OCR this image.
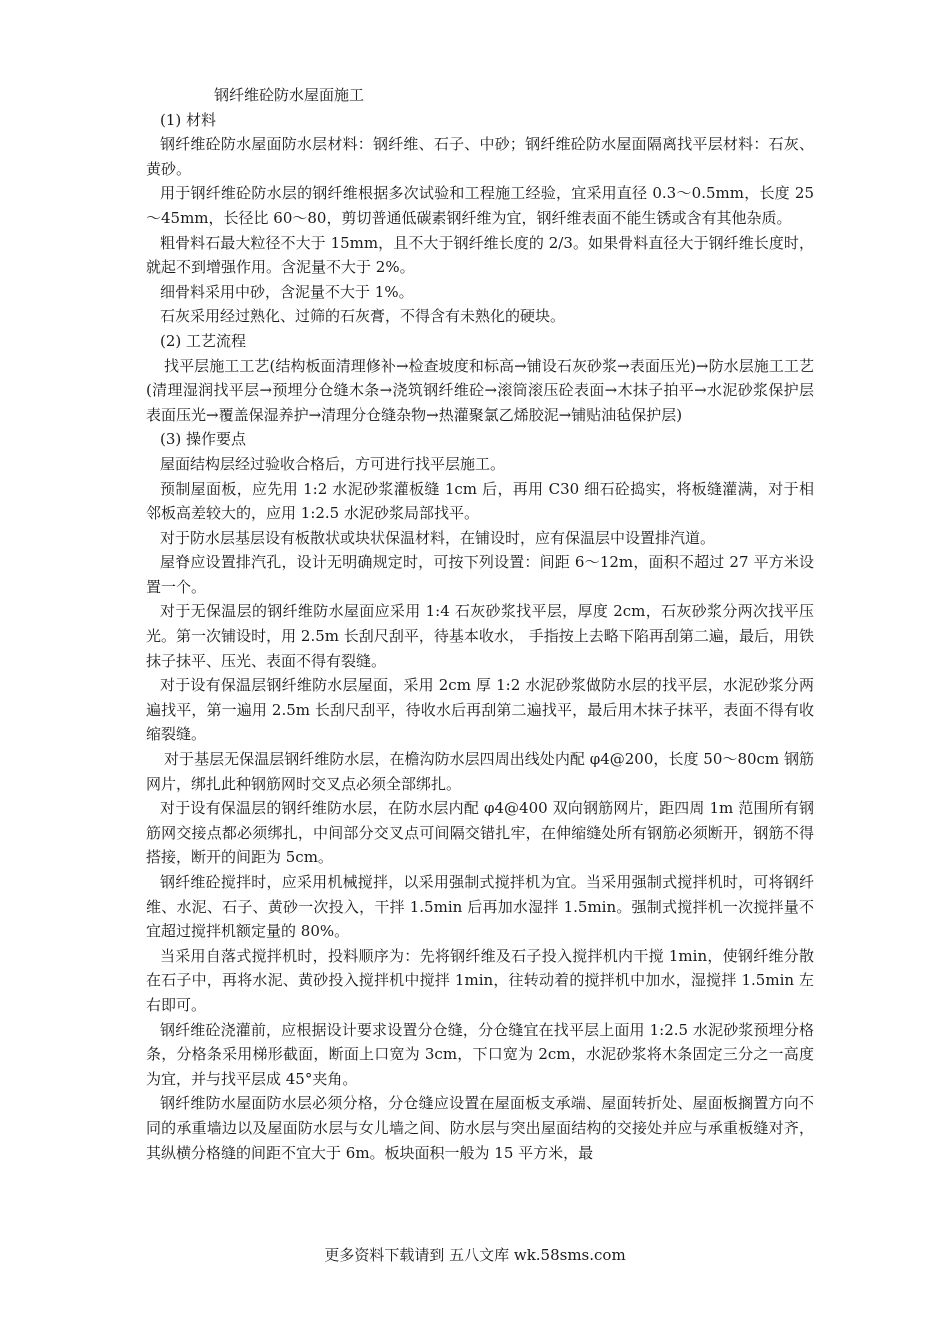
钢纤维砼防水屋面施工

(1) 材料

钢纤维砼防水屋面防水层材料：钢纤维、石子、中砂；钢纤维砼防水屋面隔离找平层材料：石灰、黄砂。

用于钢纤维砼防水层的钢纤维根据多次试验和工程施工经验，宜采用直径 0.3～0.5mm，长度 25～45mm，长径比 60～80，剪切普通低碳素钢纤维为宜，钢纤维表面不能生锈或含有其他杂质。

粗骨料石最大粒径不大于 15mm，且不大于钢纤维长度的 2/3。如果骨料直径大于钢纤维长度时，就起不到增强作用。含泥量不大于 2%。

细骨料采用中砂，含泥量不大于 1%。

石灰采用经过熟化、过筛的石灰膏，不得含有未熟化的硬块。

(2) 工艺流程

找平层施工工艺(结构板面清理修补→检查坡度和标高→铺设石灰砂浆→表面压光)→防水层施工工艺(清理湿润找平层→预埋分仓缝木条→浇筑钢纤维砼→滚筒滚压砼表面→木抹子拍平→水泥砂浆保护层表面压光→覆盖保湿养护→清理分仓缝杂物→热灌聚氯乙烯胶泥→铺贴油毡保护层)

(3) 操作要点

屋面结构层经过验收合格后，方可进行找平层施工。

预制屋面板，应先用 1:2 水泥砂浆灌板缝 1cm 后，再用 C30 细石砼捣实，将板缝灌满，对于相邻板高差较大的，应用 1:2.5 水泥砂浆局部找平。

对于防水层基层设有板散状或块状保温材料，在铺设时，应有保温层中设置排汽道。

屋脊应设置排汽孔，设计无明确规定时，可按下列设置：间距 6～12m，面积不超过 27 平方米设置一个。

对于无保温层的钢纤维防水屋面应采用 1:4 石灰砂浆找平层，厚度 2cm，石灰砂浆分两次找平压光。第一次铺设时，用 2.5m 长刮尺刮平，待基本收水， 手指按上去略下陷再刮第二遍，最后，用铁抹子抹平、压光、表面不得有裂缝。

对于设有保温层钢纤维防水层屋面，采用 2cm 厚 1:2 水泥砂浆做防水层的找平层，水泥砂浆分两遍找平，第一遍用 2.5m 长刮尺刮平，待收水后再刮第二遍找平，最后用木抹子抹平，表面不得有收缩裂缝。

对于基层无保温层钢纤维防水层，在檐沟防水层四周出线处内配 φ4@200，长度 50～80cm 钢筋网片，绑扎此种钢筋网时交叉点必须全部绑扎。

对于设有保温层的钢纤维防水层，在防水层内配 φ4@400 双向钢筋网片，距四周 1m 范围所有钢筋网交接点都必须绑扎，中间部分交叉点可间隔交错扎牢，在伸缩缝处所有钢筋必须断开，钢筋不得搭接，断开的间距为 5cm。

钢纤维砼搅拌时，应采用机械搅拌，以采用强制式搅拌机为宜。当采用强制式搅拌机时，可将钢纤维、水泥、石子、黄砂一次投入，干拌 1.5min 后再加水湿拌 1.5min。强制式搅拌机一次搅拌量不宜超过搅拌机额定量的 80%。

当采用自落式搅拌机时，投料顺序为：先将钢纤维及石子投入搅拌机内干搅 1min，使钢纤维分散在石子中，再将水泥、黄砂投入搅拌机中搅拌 1min，往转动着的搅拌机中加水，湿搅拌 1.5min 左右即可。

钢纤维砼浇灌前，应根据设计要求设置分仓缝，分仓缝宜在找平层上面用 1:2.5 水泥砂浆预埋分格条，分格条采用梯形截面，断面上口宽为 3cm，下口宽为 2cm，水泥砂浆将木条固定三分之一高度为宜，并与找平层成 45°夹角。

钢纤维防水屋面防水层必须分格，分仓缝应设置在屋面板支承端、屋面转折处、屋面板搁置方向不同的承重墙边以及屋面防水层与女儿墙之间、防水层与突出屋面结构的交接处并应与承重板缝对齐，其纵横分格缝的间距不宜大于 6m。板块面积一般为 15 平方米，最

更多资料下载请到 五八文库 wk.58sms.com
